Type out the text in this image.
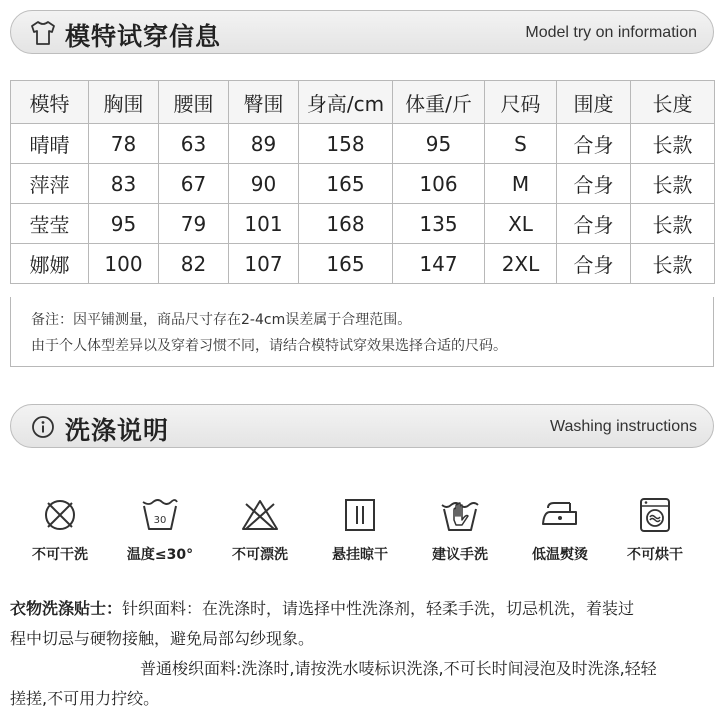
模特试穿信息	Model try on information
模特	胸围	腰围	臀围	身高/cm	体重/斤	尺码	围度	长度
晴晴	78	63	89	158	95	S	合身	长款
萍萍	83	67	90	165	106	M	合身	长款
莹莹	95	79	101	168	135	XL	合身	长款
娜娜	100	82	107	165	147	2XL	合身	长款
备注：因平铺测量，商品尺寸存在2-4cm误差属于合理范围。
由于个人体型差异以及穿着习惯不同，请结合模特试穿效果选择合适的尺码。
洗涤说明	Washing instructions
不可干洗
30
温度≤30°	不可漂洗	悬挂晾干	建议手洗	低温熨烫	不可烘干
衣物洗涤贴士：针织面料：在洗涤时，请选择中性洗涤剂，轻柔手洗，切忌机洗，着装过
程中切忌与硬物接触，避免局部勾纱现象。
普通梭织面料:洗涤时,请按洗水唛标识洗涤,不可长时间浸泡及时洗涤,轻轻
搓搓,不可用力拧绞。
